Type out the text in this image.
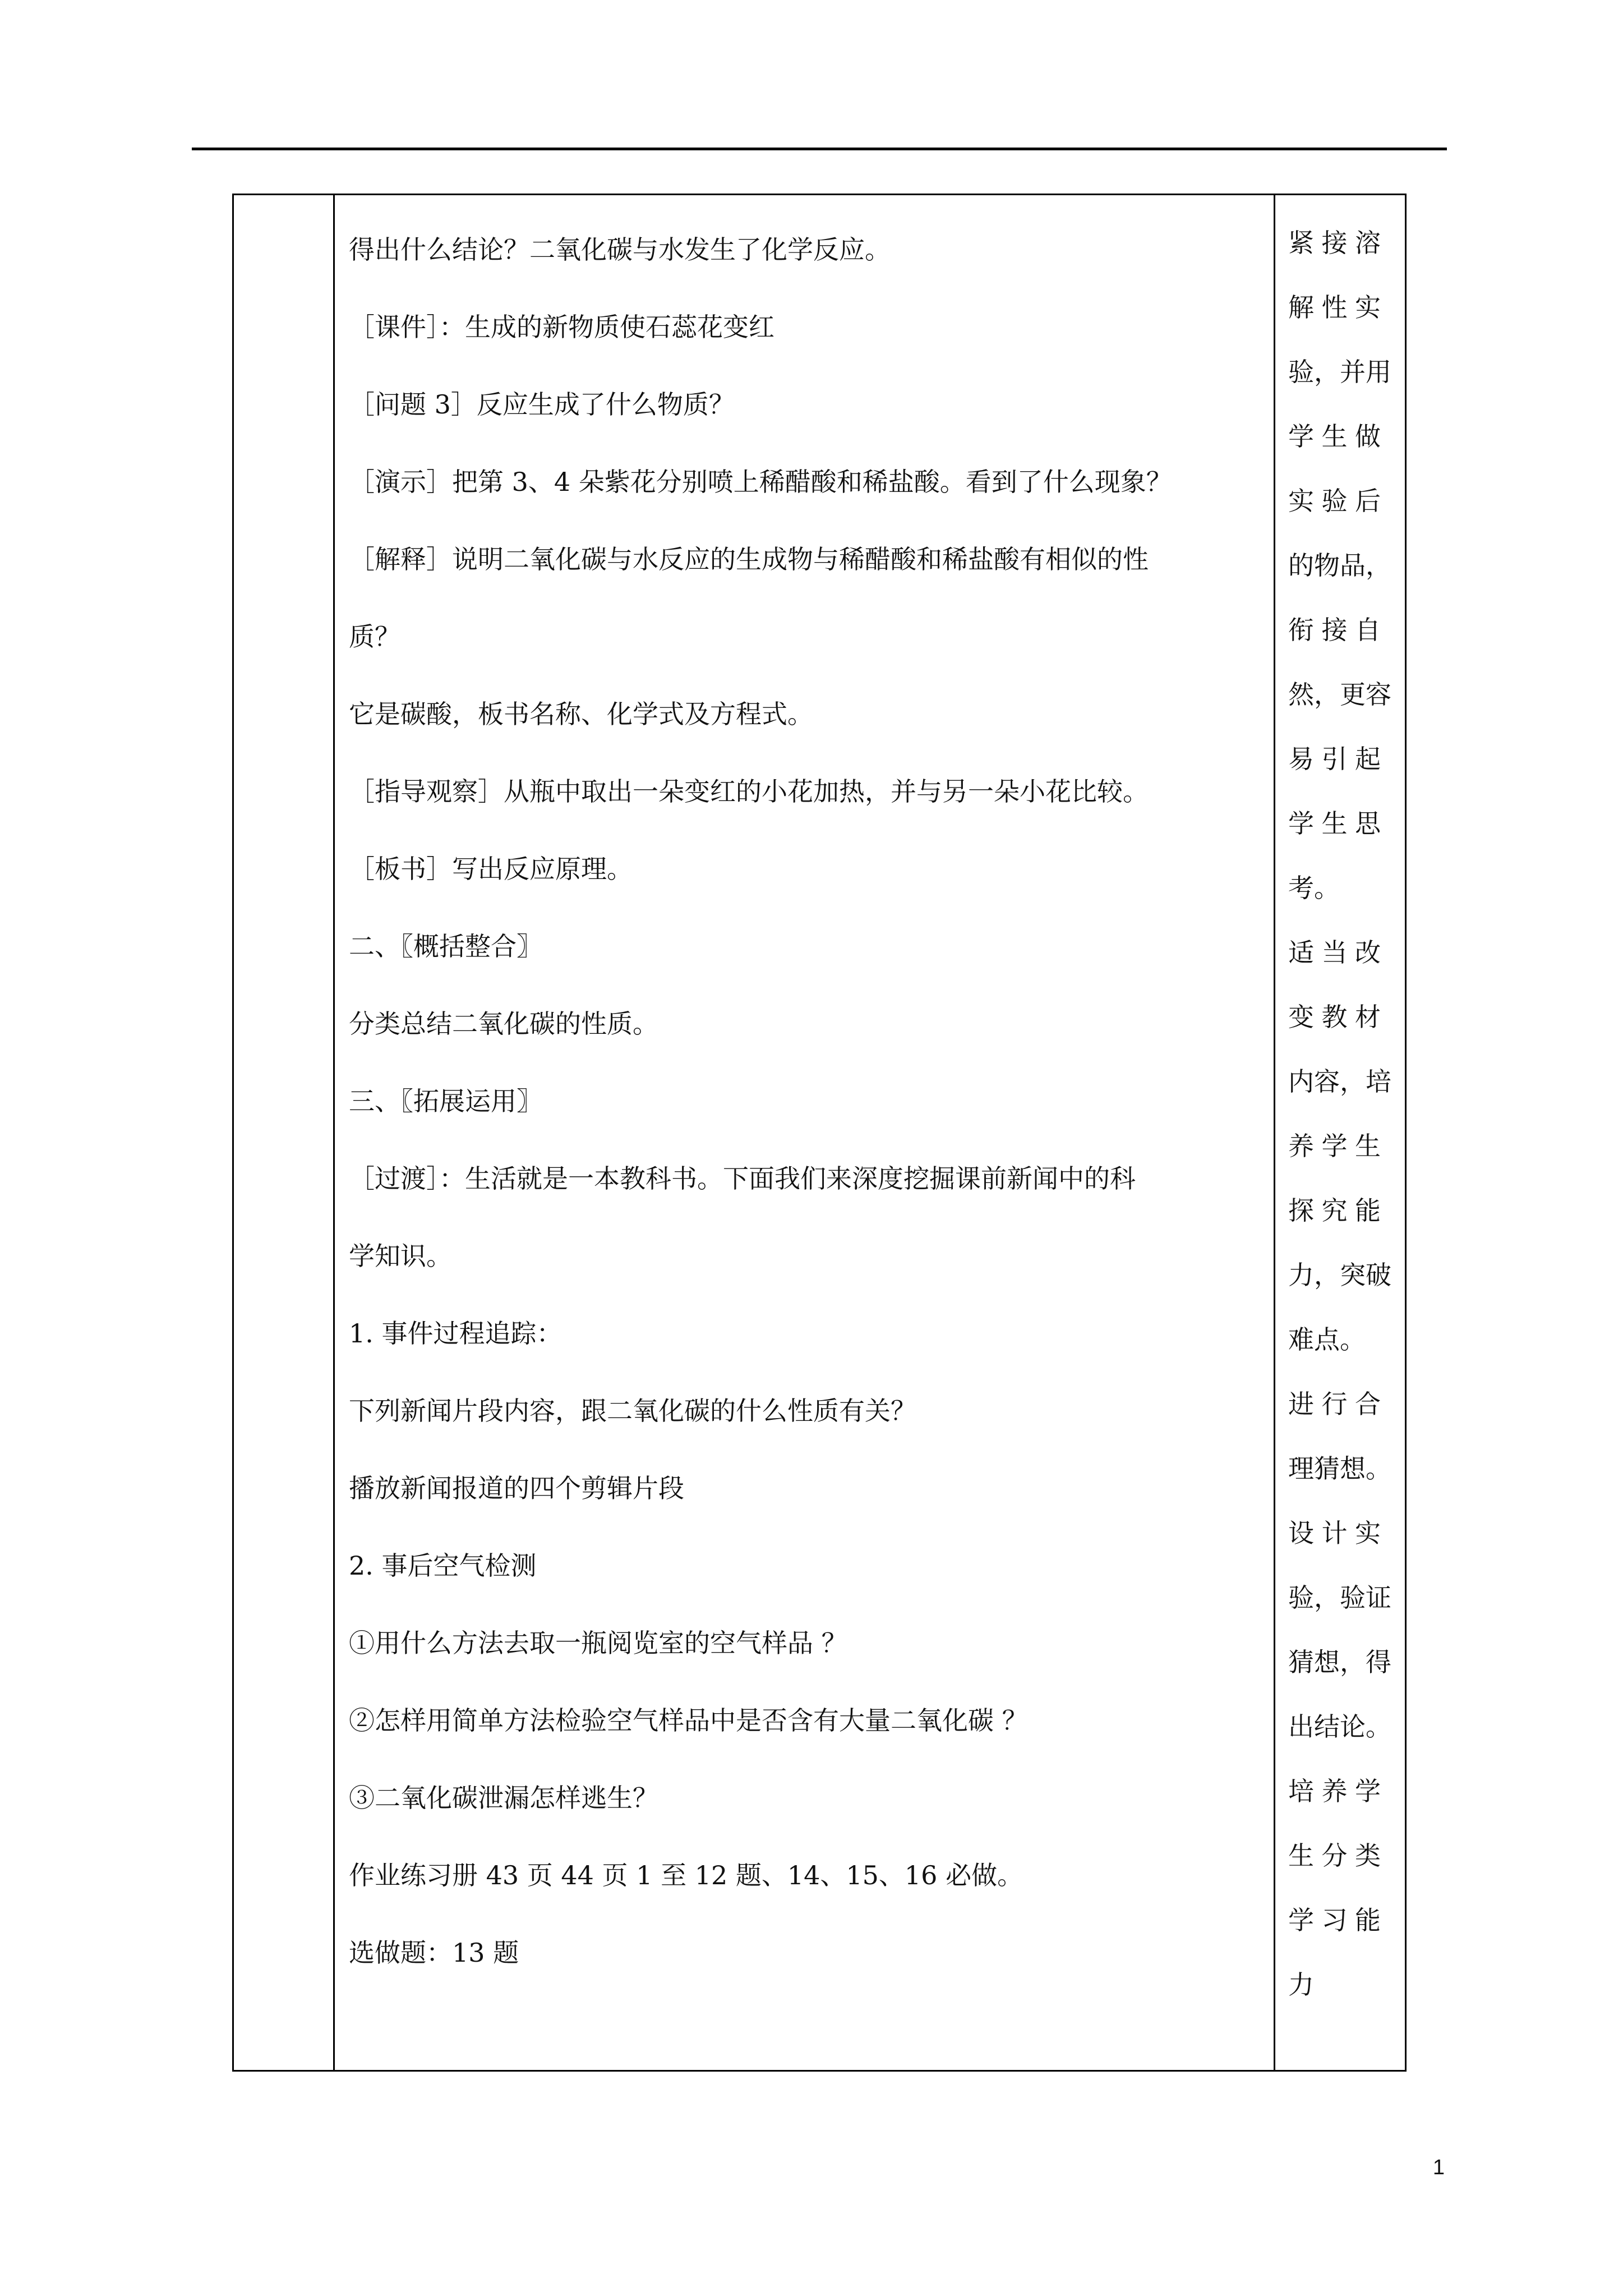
得出什么结论？二氧化碳与水发生了化学反应。
［课件］：生成的新物质使石蕊花变红
［问题 3］反应生成了什么物质？
［演示］把第 3、4 朵紫花分别喷上稀醋酸和稀盐酸。看到了什么现象？
［解释］说明二氧化碳与水反应的生成物与稀醋酸和稀盐酸有相似的性
质？
它是碳酸，板书名称、化学式及方程式。
［指导观察］从瓶中取出一朵变红的小花加热，并与另一朵小花比较。
［板书］写出反应原理。
二、〖概括整合〗
分类总结二氧化碳的性质。
三、〖拓展运用〗
［过渡］：生活就是一本教科书。下面我们来深度挖掘课前新闻中的科
学知识。
1. 事件过程追踪：
下列新闻片段内容，跟二氧化碳的什么性质有关？
播放新闻报道的四个剪辑片段
2. 事后空气检测
①用什么方法去取一瓶阅览室的空气样品 ？
②怎样用简单方法检验空气样品中是否含有大量二氧化碳 ？
③二氧化碳泄漏怎样逃生？
作业练习册 43 页 44 页 1 至 12 题、14、15、16 必做。
选做题：13 题
紧 接 溶
解 性 实
验，并用
学 生 做
实 验 后
的物品，
衔 接 自
然，更容
易 引 起
学 生 思
考。
适 当 改
变 教 材
内容，培
养 学 生
探 究 能
力，突破
难点。
进 行 合
理猜想。
设 计 实
验，验证
猜想，得
出结论。
培 养 学
生 分 类
学 习 能
力
1
